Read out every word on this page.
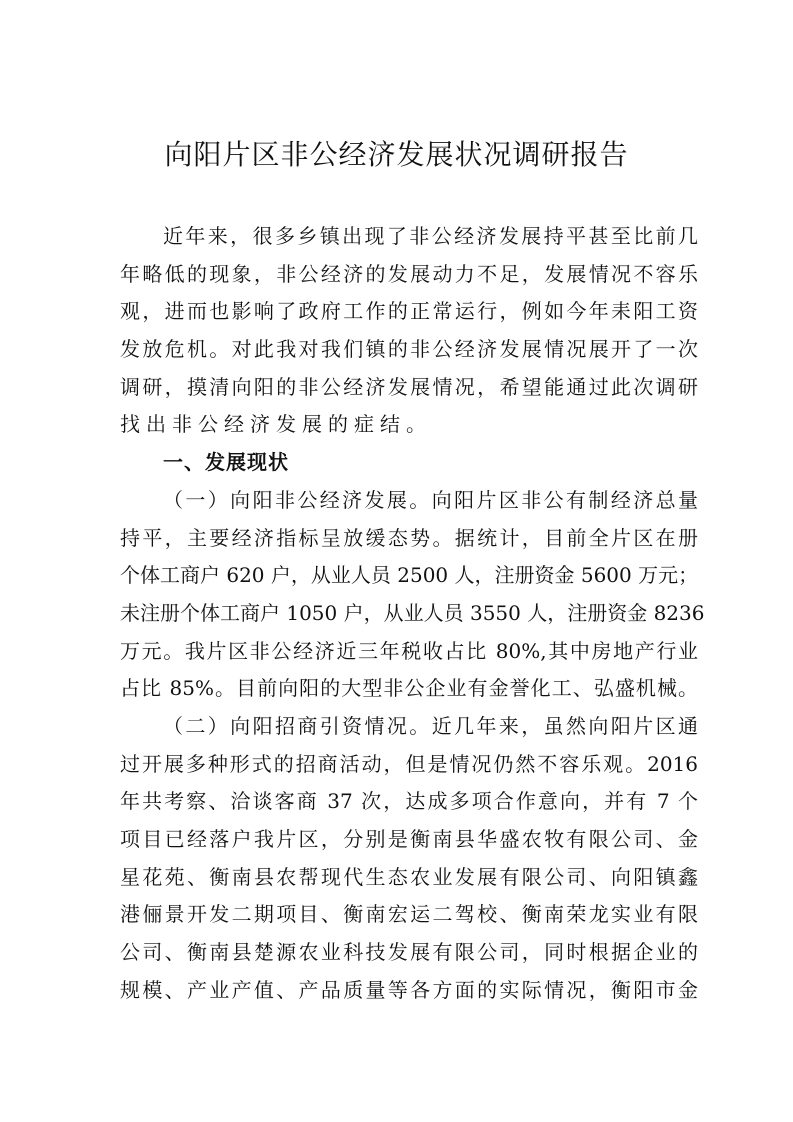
向阳片区非公经济发展状况调研报告
近年来，很多乡镇出现了非公经济发展持平甚至比前几
年略低的现象，非公经济的发展动力不足，发展情况不容乐
观，进而也影响了政府工作的正常运行，例如今年耒阳工资
发放危机。对此我对我们镇的非公经济发展情况展开了一次
调研，摸清向阳的非公经济发展情况，希望能通过此次调研
找出非公经济发展的症结。
一、发展现状
（一）向阳非公经济发展。向阳片区非公有制经济总量
持平，主要经济指标呈放缓态势。据统计，目前全片区在册
个体工商户 620 户，从业人员 2500 人，注册资金 5600 万元；
未注册个体工商户 1050 户，从业人员 3550 人，注册资金 8236
万元。我片区非公经济近三年税收占比 80%,其中房地产行业
占比 85%。目前向阳的大型非公企业有金誉化工、弘盛机械。
（二）向阳招商引资情况。近几年来，虽然向阳片区通
过开展多种形式的招商活动，但是情况仍然不容乐观。2016
年共考察、洽谈客商 37 次，达成多项合作意向，并有 7 个
项目已经落户我片区，分别是衡南县华盛农牧有限公司、金
星花苑、衡南县农帮现代生态农业发展有限公司、向阳镇鑫
港俪景开发二期项目、衡南宏运二驾校、衡南荣龙实业有限
公司、衡南县楚源农业科技发展有限公司，同时根据企业的
规模、产业产值、产品质量等各方面的实际情况，衡阳市金
